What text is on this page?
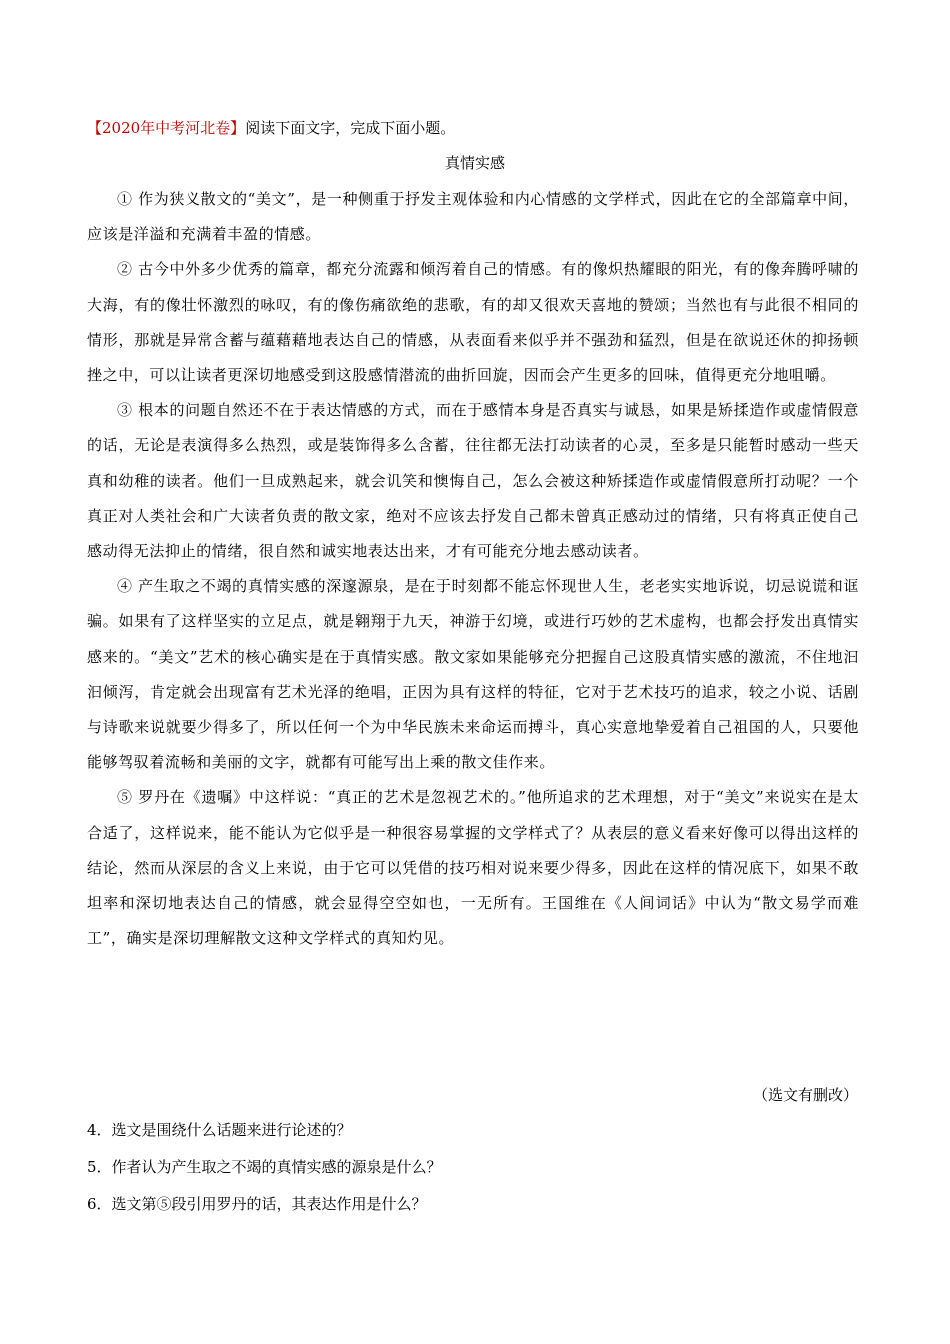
【2020年中考河北卷】阅读下面文字，完成下面小题。
真情实感

① 作为狭义散文的“美文”，是一种侧重于抒发主观体验和内心情感的文学样式，因此在它的全部篇章中间，应该是洋溢和充满着丰盈的情感。

② 古今中外多少优秀的篇章，都充分流露和倾泻着自己的情感。有的像炽热耀眼的阳光，有的像奔腾呼啸的大海，有的像壮怀激烈的咏叹，有的像伤痛欲绝的悲歌，有的却又很欢天喜地的赞颂；当然也有与此很不相同的情形，那就是异常含蓄与蕴藉藉地表达自己的情感，从表面看来似乎并不强劲和猛烈，但是在欲说还休的抑扬顿挫之中，可以让读者更深切地感受到这股感情潜流的曲折回旋，因而会产生更多的回味，值得更充分地咀嚼。

③ 根本的问题自然还不在于表达情感的方式，而在于感情本身是否真实与诚恳，如果是矫揉造作或虚情假意的话，无论是表演得多么热烈，或是装饰得多么含蓄，往往都无法打动读者的心灵，至多是只能暂时感动一些天真和幼稚的读者。他们一旦成熟起来，就会讥笑和懊悔自己，怎么会被这种矫揉造作或虚情假意所打动呢？一个真正对人类社会和广大读者负责的散文家，绝对不应该去抒发自己都未曾真正感动过的情绪，只有将真正使自己感动得无法抑止的情绪，很自然和诚实地表达出来，才有可能充分地去感动读者。

④ 产生取之不竭的真情实感的深邃源泉，是在于时刻都不能忘怀现世人生，老老实实地诉说，切忌说谎和诓骗。如果有了这样坚实的立足点，就是翱翔于九天，神游于幻境，或进行巧妙的艺术虚构，也都会抒发出真情实感来的。“美文”艺术的核心确实是在于真情实感。散文家如果能够充分把握自己这股真情实感的激流，不住地汩汩倾泻，肯定就会出现富有艺术光泽的绝唱，正因为具有这样的特征，它对于艺术技巧的追求，较之小说、话剧与诗歌来说就要少得多了，所以任何一个为中华民族未来命运而搏斗，真心实意地挚爱着自己祖国的人，只要他能够驾驭着流畅和美丽的文字，就都有可能写出上乘的散文佳作来。

⑤ 罗丹在《遗嘱》中这样说：“真正的艺术是忽视艺术的。”他所追求的艺术理想，对于“美文”来说实在是太合适了，这样说来，能不能认为它似乎是一种很容易掌握的文学样式了？从表层的意义看来好像可以得出这样的结论，然而从深层的含义上来说，由于它可以凭借的技巧相对说来要少得多，因此在这样的情况底下，如果不敢坦率和深切地表达自己的情感，就会显得空空如也，一无所有。王国维在《人间词话》中认为“散文易学而难工”，确实是深切理解散文这种文学样式的真知灼见。

（选文有删改）
4．选文是围绕什么话题来进行论述的？
5．作者认为产生取之不竭的真情实感的源泉是什么？
6．选文第⑤段引用罗丹的话，其表达作用是什么？
